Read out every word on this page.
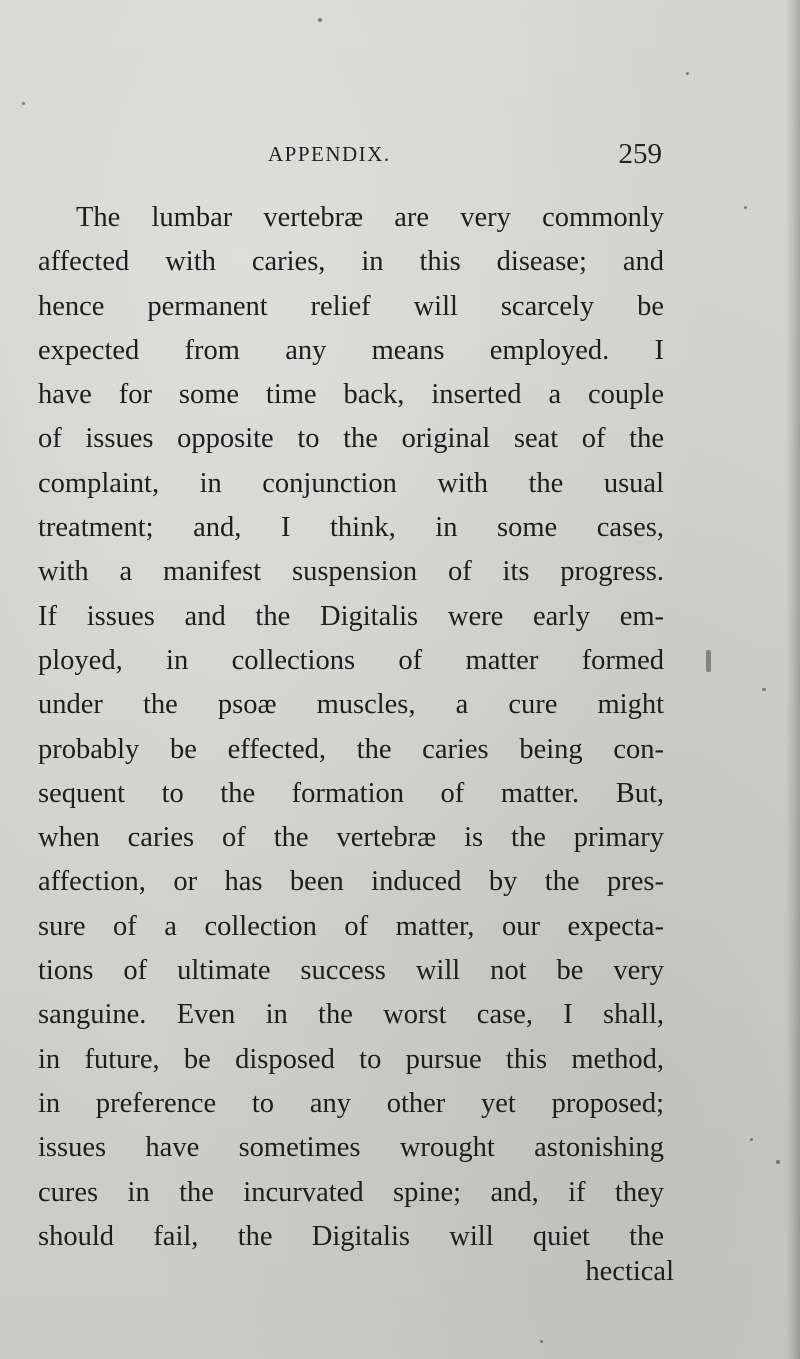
APPENDIX.	259
The lumbar vertebræ are very commonly
affected with caries, in this disease; and
hence permanent relief will scarcely be
expected from any means employed. I
have for some time back, inserted a couple
of issues opposite to the original seat of the
complaint, in conjunction with the usual
treatment; and, I think, in some cases,
with a manifest suspension of its progress.
If issues and the Digitalis were early em-
ployed, in collections of matter formed
under the psoæ muscles, a cure might
probably be effected, the caries being con-
sequent to the formation of matter. But,
when caries of the vertebræ is the primary
affection, or has been induced by the pres-
sure of a collection of matter, our expecta-
tions of ultimate success will not be very
sanguine. Even in the worst case, I shall,
in future, be disposed to pursue this method,
in preference to any other yet proposed;
issues have sometimes wrought astonishing
cures in the incurvated spine; and, if they
should fail, the Digitalis will quiet the
hectical
